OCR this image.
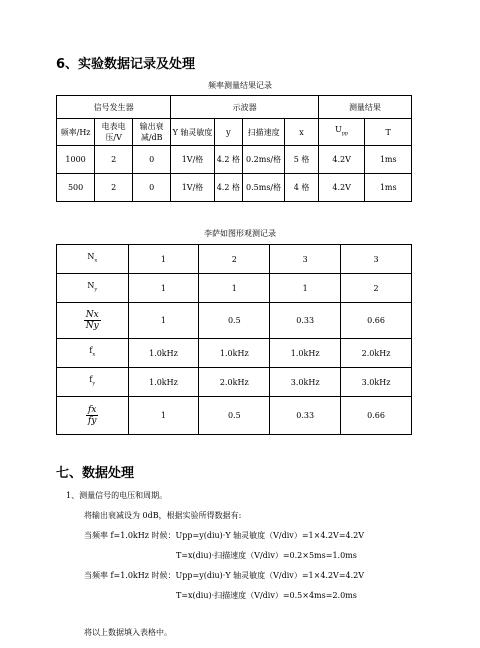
6、实验数据记录及处理
频率测量结果记录
信号发生器			示波器				测量结果	
频率/Hz	电表电压/V	输出衰减/dB	Y 轴灵敏度	y	扫描速度	x	$U_{pp}$	T
1000	2	0	1V/格	4.2 格	0.2ms/格	5 格	4.2V	1ms
500	2	0	1V/格	4.2 格	0.5ms/格	4 格	4.2V	1ms
李萨如图形观测记录
$N_x$	1	2	3	3
$N_y$	1	1	1	2

$\frac{Nx}{Ny}$	1	0.5	0.33	0.66
$f_x$	1.0kHz	1.0kHz	1.0kHz	2.0kHz
$f_y$	1.0kHz	2.0kHz	3.0kHz	3.0kHz

$\frac{fx}{fy}$	1	0.5	0.33	0.66
七、数据处理
1、测量信号的电压和周期。
将输出衰减设为 0dB，根据实验所得数据有:
当频率 f=1.0kHz 时候：Upp=y(diu)·Y 轴灵敏度（V/div）=1×4.2V=4.2V
T=x(diu)·扫描速度（V/div）=0.2×5ms=1.0ms
当频率 f=1.0kHz 时候：Upp=y(diu)·Y 轴灵敏度（V/div）=1×4.2V=4.2V
T=x(diu)·扫描速度（V/div）=0.5×4ms=2.0ms
将以上数据填入表格中。
